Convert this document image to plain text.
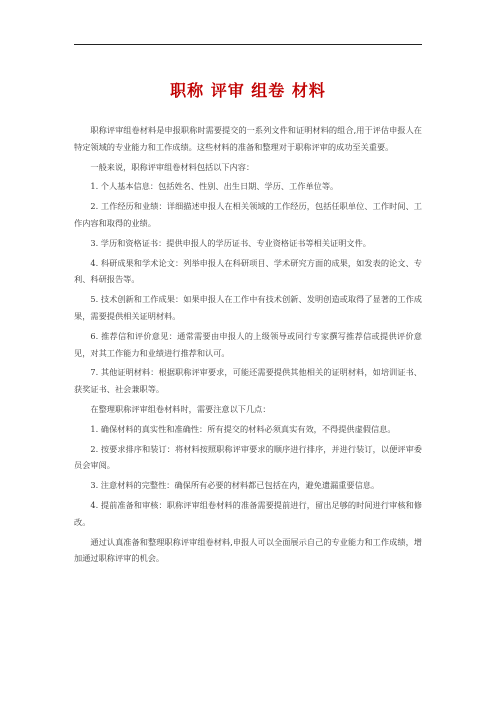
职称 评审 组卷 材料

职称评审组卷材料是申报职称时需要提交的一系列文件和证明材料的组合,用于评估申报人在特定领域的专业能力和工作成绩。这些材料的准备和整理对于职称评审的成功至关重要。

一般来说，职称评审组卷材料包括以下内容：

1. 个人基本信息：包括姓名、性别、出生日期、学历、工作单位等。

2. 工作经历和业绩：详细描述申报人在相关领域的工作经历，包括任职单位、工作时间、工作内容和取得的业绩。

3. 学历和资格证书：提供申报人的学历证书、专业资格证书等相关证明文件。

4. 科研成果和学术论文：列举申报人在科研项目、学术研究方面的成果，如发表的论文、专利、科研报告等。

5. 技术创新和工作成果：如果申报人在工作中有技术创新、发明创造或取得了显著的工作成果，需要提供相关证明材料。

6. 推荐信和评价意见：通常需要由申报人的上级领导或同行专家撰写推荐信或提供评价意见，对其工作能力和业绩进行推荐和认可。

7. 其他证明材料：根据职称评审要求，可能还需要提供其他相关的证明材料，如培训证书、获奖证书、社会兼职等。

在整理职称评审组卷材料时，需要注意以下几点：

1. 确保材料的真实性和准确性：所有提交的材料必须真实有效，不得提供虚假信息。

2. 按要求排序和装订：将材料按照职称评审要求的顺序进行排序，并进行装订，以便评审委员会审阅。

3. 注意材料的完整性：确保所有必要的材料都已包括在内，避免遗漏重要信息。

4. 提前准备和审核：职称评审组卷材料的准备需要提前进行，留出足够的时间进行审核和修改。

通过认真准备和整理职称评审组卷材料,申报人可以全面展示自己的专业能力和工作成绩，增加通过职称评审的机会。
